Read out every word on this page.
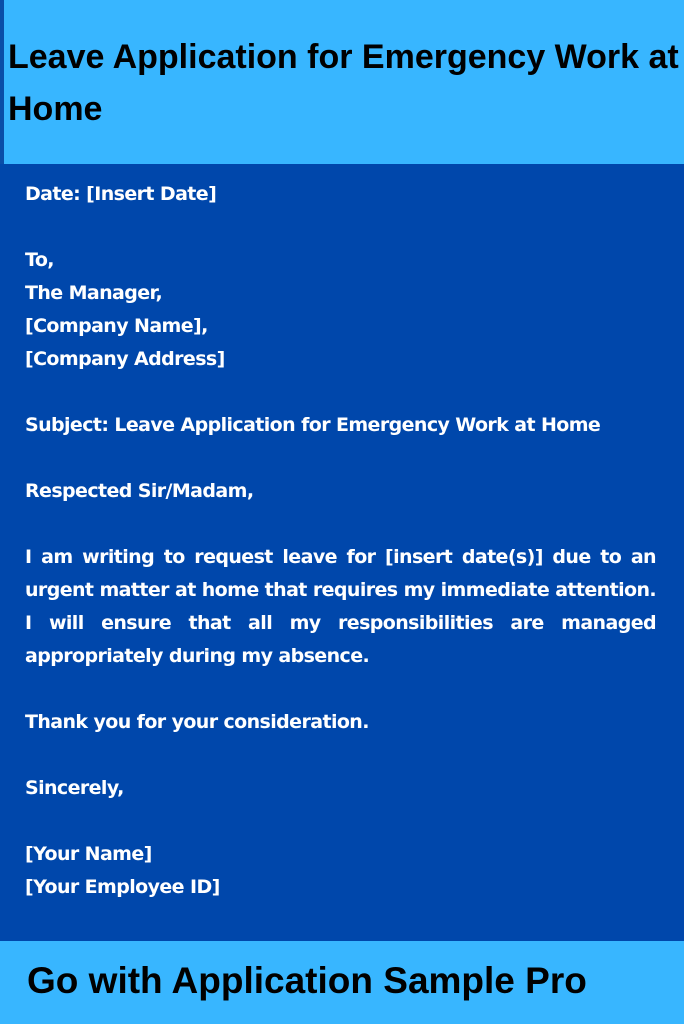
Leave Application for Emergency Work at Home

Date: [Insert Date]

To,

The Manager,

[Company Name],

[Company Address]

Subject: Leave Application for Emergency Work at Home

Respected Sir/Madam,

I am writing to request leave for [insert date(s)] due to an urgent matter at home that requires my immediate attention. I will ensure that all my responsibilities are managed appropriately during my absence.

Thank you for your consideration.

Sincerely,

[Your Name]

[Your Employee ID]

Go with Application Sample Pro
